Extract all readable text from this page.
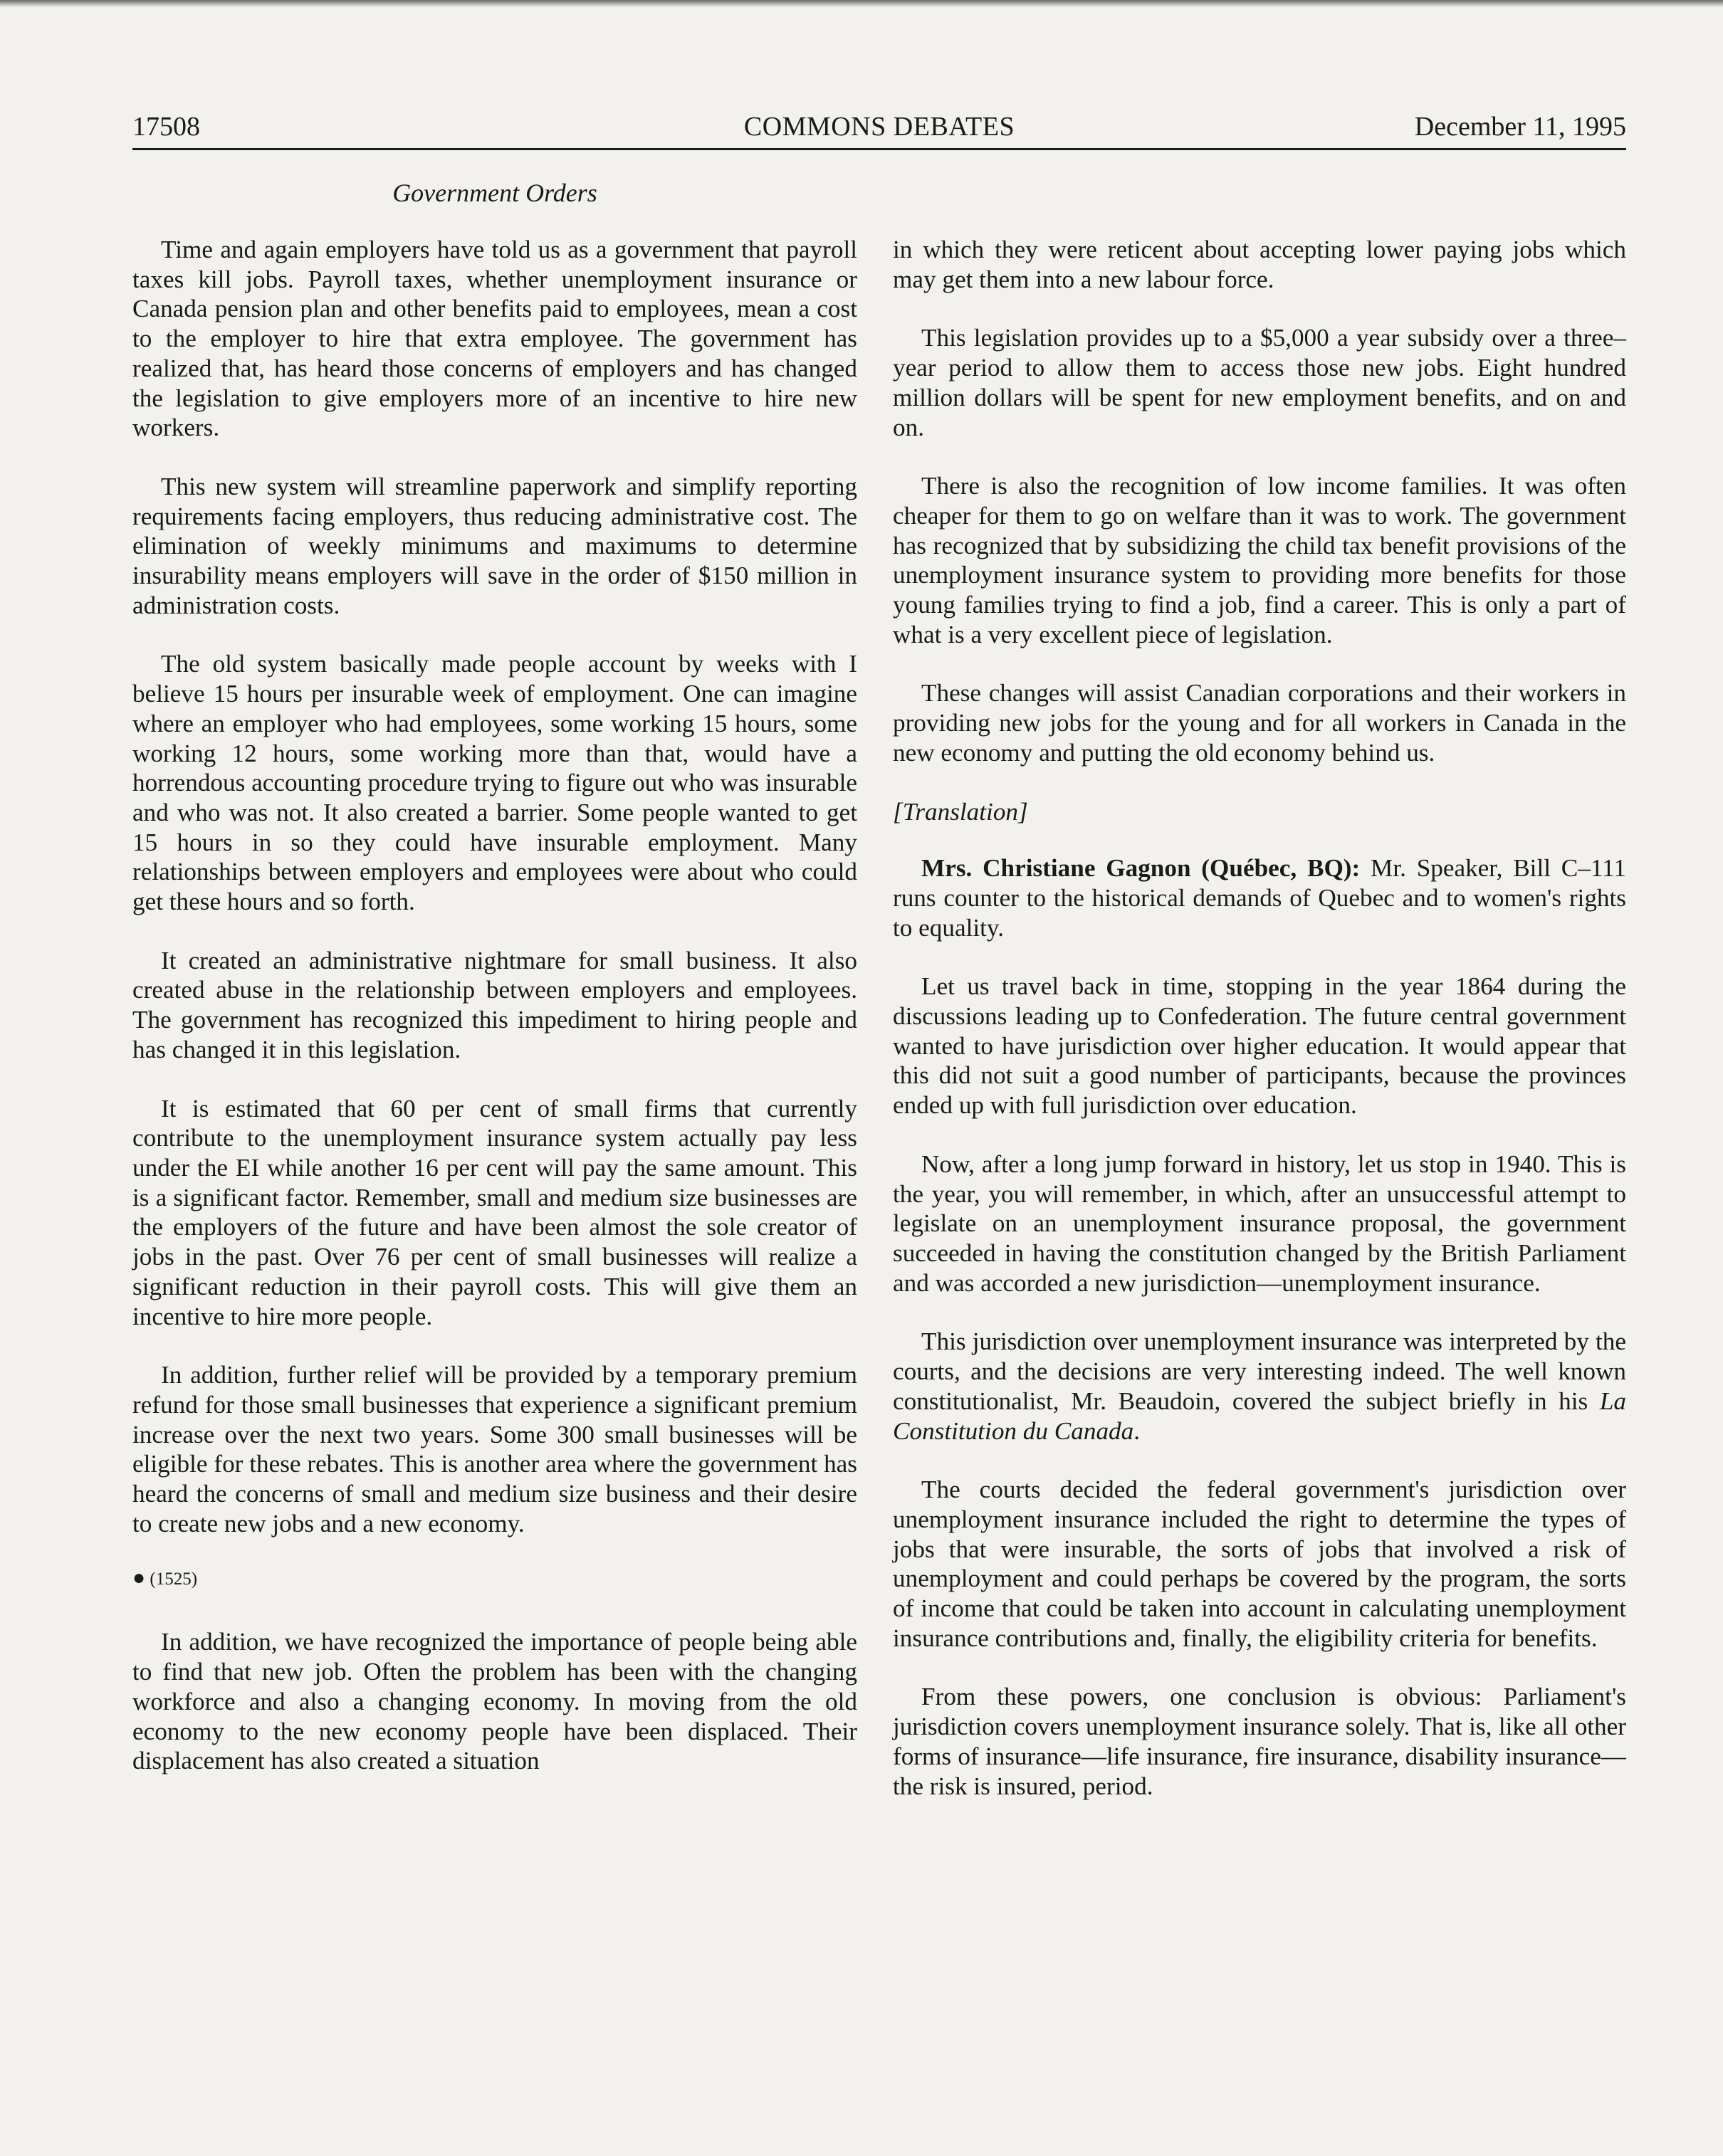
COMMONS DEBATES
17508	December 11, 1995
Government Orders

Time and again employers have told us as a government that payroll taxes kill jobs. Payroll taxes, whether unemployment insurance or Canada pension plan and other benefits paid to employees, mean a cost to the employer to hire that extra employee. The government has realized that, has heard those concerns of employers and has changed the legislation to give employers more of an incentive to hire new workers.

This new system will streamline paperwork and simplify reporting requirements facing employers, thus reducing administrative cost. The elimination of weekly minimums and maximums to determine insurability means employers will save in the order of $150 million in administration costs.

The old system basically made people account by weeks with I believe 15 hours per insurable week of employment. One can imagine where an employer who had employees, some working 15 hours, some working 12 hours, some working more than that, would have a horrendous accounting procedure trying to figure out who was insurable and who was not. It also created a barrier. Some people wanted to get 15 hours in so they could have insurable employment. Many relationships between employers and employees were about who could get these hours and so forth.

It created an administrative nightmare for small business. It also created abuse in the relationship between employers and employees. The government has recognized this impediment to hiring people and has changed it in this legislation.

It is estimated that 60 per cent of small firms that currently contribute to the unemployment insurance system actually pay less under the EI while another 16 per cent will pay the same amount. This is a significant factor. Remember, small and medium size businesses are the employers of the future and have been almost the sole creator of jobs in the past. Over 76 per cent of small businesses will realize a significant reduction in their payroll costs. This will give them an incentive to hire more people.

In addition, further relief will be provided by a temporary premium refund for those small businesses that experience a significant premium increase over the next two years. Some 300 small businesses will be eligible for these rebates. This is another area where the government has heard the concerns of small and medium size business and their desire to create new jobs and a new economy.

● (1525)

In addition, we have recognized the importance of people being able to find that new job. Often the problem has been with the changing workforce and also a changing economy. In moving from the old economy to the new economy people have been displaced. Their displacement has also created a situation

in which they were reticent about accepting lower paying jobs which may get them into a new labour force.

This legislation provides up to a $5,000 a year subsidy over a three–year period to allow them to access those new jobs. Eight hundred million dollars will be spent for new employment benefits, and on and on.

There is also the recognition of low income families. It was often cheaper for them to go on welfare than it was to work. The government has recognized that by subsidizing the child tax benefit provisions of the unemployment insurance system to providing more benefits for those young families trying to find a job, find a career. This is only a part of what is a very excellent piece of legislation.

These changes will assist Canadian corporations and their workers in providing new jobs for the young and for all workers in Canada in the new economy and putting the old economy behind us.

[Translation]

Mrs. Christiane Gagnon (Québec, BQ): Mr. Speaker, Bill C–111 runs counter to the historical demands of Quebec and to women's rights to equality.

Let us travel back in time, stopping in the year 1864 during the discussions leading up to Confederation. The future central government wanted to have jurisdiction over higher education. It would appear that this did not suit a good number of participants, because the provinces ended up with full jurisdiction over education.

Now, after a long jump forward in history, let us stop in 1940. This is the year, you will remember, in which, after an unsuccessful attempt to legislate on an unemployment insurance proposal, the government succeeded in having the constitution changed by the British Parliament and was accorded a new jurisdiction—unemployment insurance.

This jurisdiction over unemployment insurance was interpreted by the courts, and the decisions are very interesting indeed. The well known constitutionalist, Mr. Beaudoin, covered the subject briefly in his La Constitution du Canada.

The courts decided the federal government's jurisdiction over unemployment insurance included the right to determine the types of jobs that were insurable, the sorts of jobs that involved a risk of unemployment and could perhaps be covered by the program, the sorts of income that could be taken into account in calculating unemployment insurance contributions and, finally, the eligibility criteria for benefits.

From these powers, one conclusion is obvious: Parliament's jurisdiction covers unemployment insurance solely. That is, like all other forms of insurance—life insurance, fire insurance, disability insurance—the risk is insured, period.
